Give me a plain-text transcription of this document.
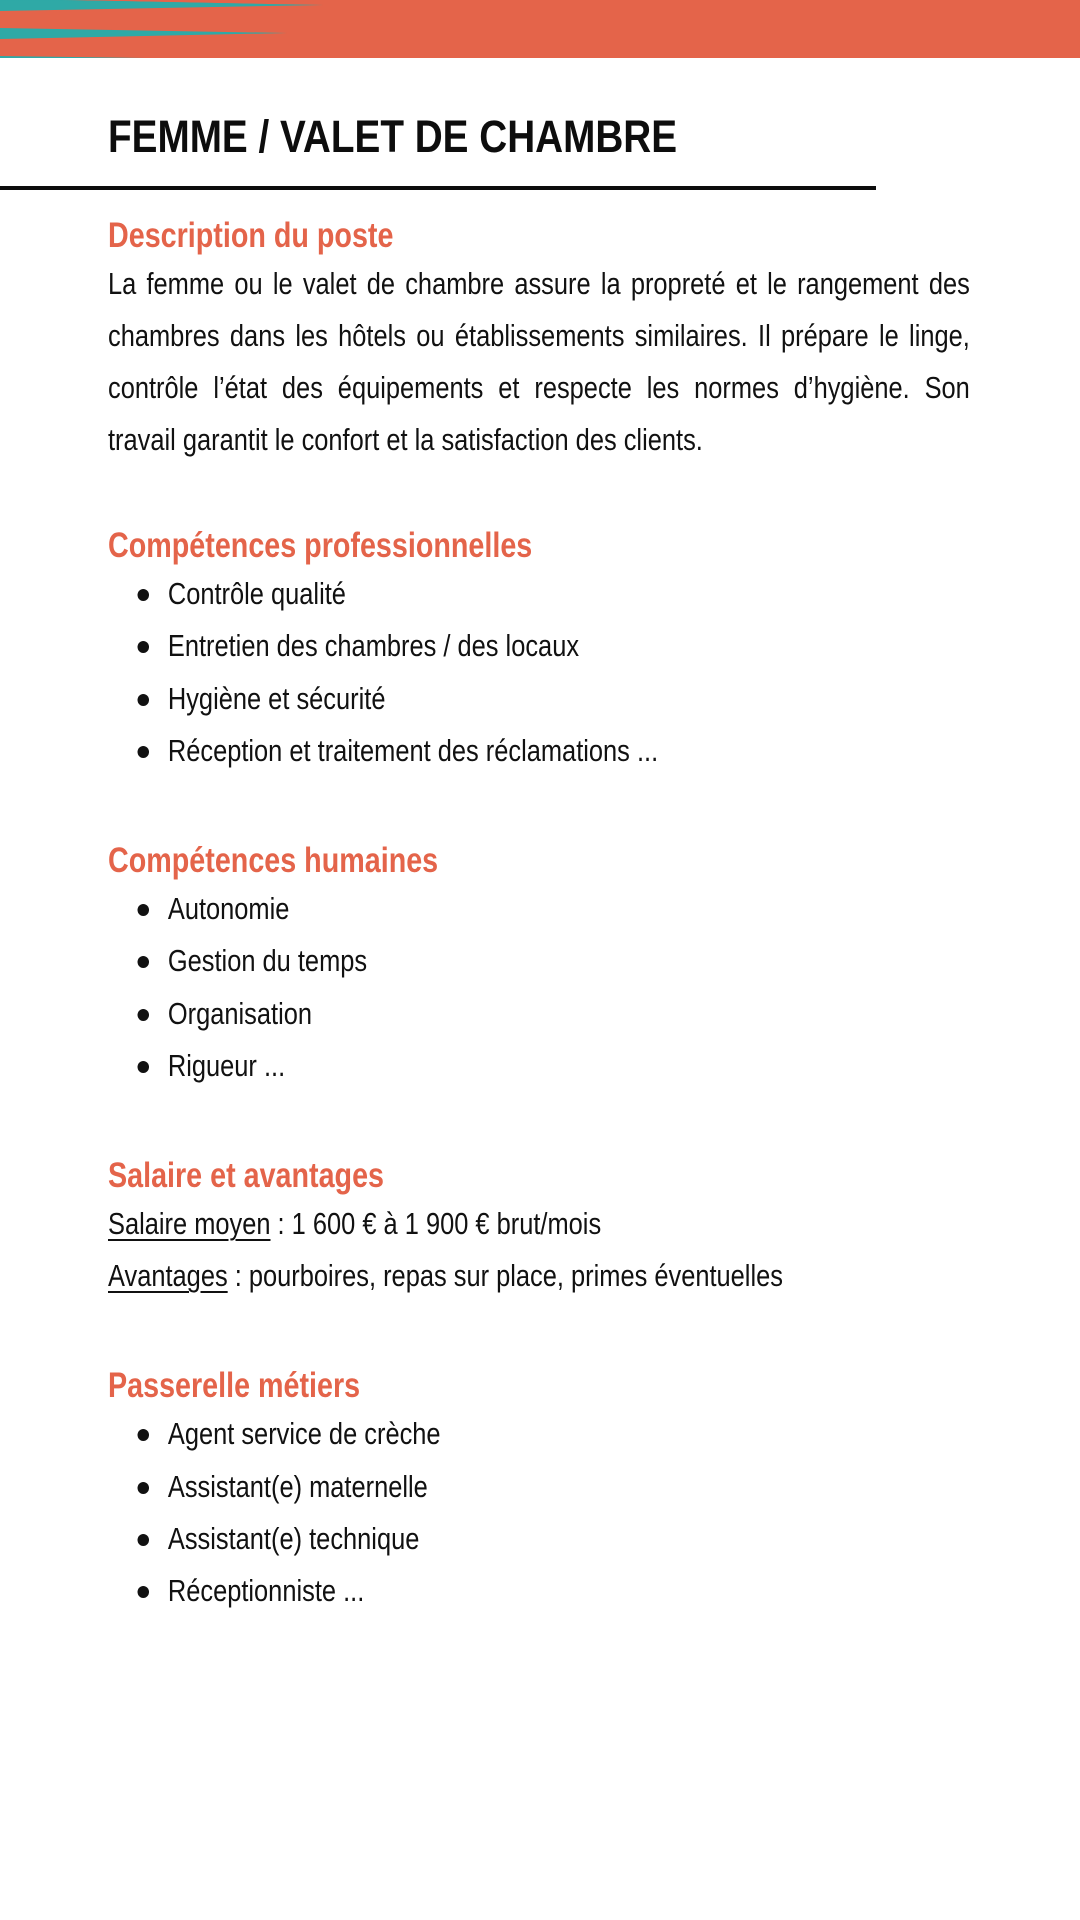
FEMME / VALET DE CHAMBRE
Description du poste

La femme ou le valet de chambre assure la propreté et le rangement des chambres dans les hôtels ou établissements similaires. Il prépare le linge, contrôle l’état des équipements et respecte les normes d’hygiène. Son travail garantit le confort et la satisfaction des clients.

Compétences professionnelles
Contrôle qualité
Entretien des chambres / des locaux
Hygiène et sécurité
Réception et traitement des réclamations ...
Compétences humaines
Autonomie
Gestion du temps
Organisation
Rigueur ...
Salaire et avantages
Salaire moyen : 1 600 € à 1 900 € brut/mois
Avantages : pourboires, repas sur place, primes éventuelles
Passerelle métiers
Agent service de crèche
Assistant(e) maternelle
Assistant(e) technique
Réceptionniste ...
